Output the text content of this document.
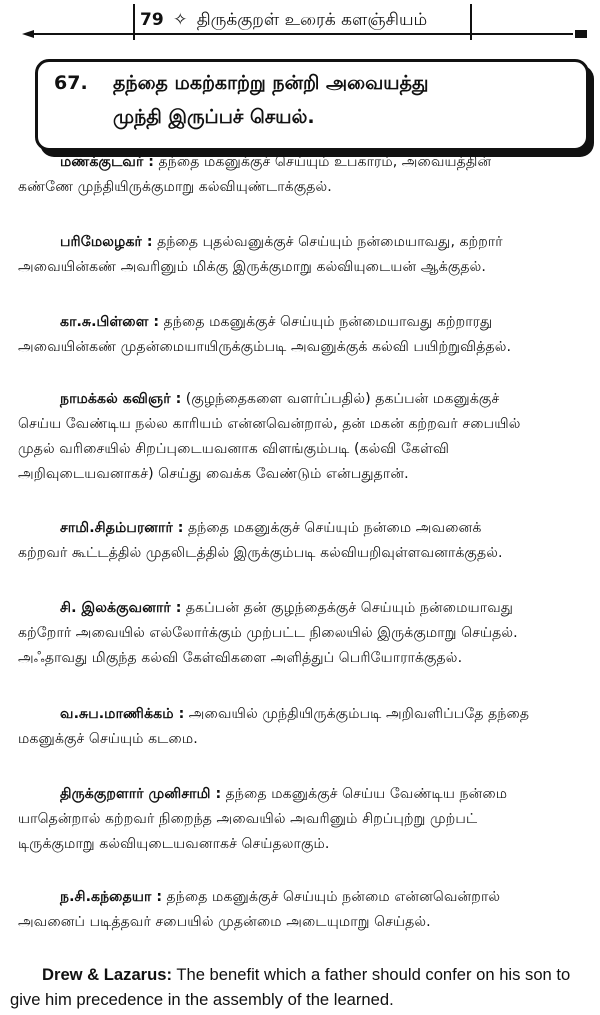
79 ✧ திருக்குறள் உரைக் களஞ்சியம்
67. தந்தை மகற்காற்று நன்றி அவையத்து
முந்தி இருப்பச் செயல்.
மணக்குடவர் : தந்தை மகனுக்குச் செய்யும் உபகாரம், அவையத்தின்
கண்ணே முந்தியிருக்குமாறு கல்வியுண்டாக்குதல்.
பரிமேலழகர் : தந்தை புதல்வனுக்குச் செய்யும் நன்மையாவது, கற்றார்
அவையின்கண் அவரினும் மிக்கு இருக்குமாறு கல்வியுடையன் ஆக்குதல்.
கா.சு.பிள்ளை : தந்தை மகனுக்குச் செய்யும் நன்மையாவது கற்றாரது
அவையின்கண் முதன்மையாயிருக்கும்படி அவனுக்குக் கல்வி பயிற்றுவித்தல்.
நாமக்கல் கவிஞர் : (குழந்தைகளை வளர்ப்பதில்) தகப்பன் மகனுக்குச்
செய்ய வேண்டிய நல்ல காரியம் என்னவென்றால், தன் மகன் கற்றவர் சபையில்
முதல் வரிசையில் சிறப்புடையவனாக விளங்கும்படி (கல்வி கேள்வி
அறிவுடையவனாகச்) செய்து வைக்க வேண்டும் என்பதுதான்.
சாமி.சிதம்பரனார் : தந்தை மகனுக்குச் செய்யும் நன்மை அவனைக்
கற்றவர் கூட்டத்தில் முதலிடத்தில் இருக்கும்படி கல்வியறிவுள்ளவனாக்குதல்.
சி. இலக்குவனார் : தகப்பன் தன் குழந்தைக்குச் செய்யும் நன்மையாவது
கற்றோர் அவையில் எல்லோர்க்கும் முற்பட்ட நிலையில் இருக்குமாறு செய்தல்.
அஃதாவது மிகுந்த கல்வி கேள்விகளை அளித்துப் பெரியோராக்குதல்.
வ.சுப.மாணிக்கம் : அவையில் முந்தியிருக்கும்படி அறிவளிப்பதே தந்தை
மகனுக்குச் செய்யும் கடமை.
திருக்குறளார் முனிசாமி : தந்தை மகனுக்குச் செய்ய வேண்டிய நன்மை
யாதென்றால் கற்றவர் நிறைந்த அவையில் அவரினும் சிறப்புற்று முற்பட்
டிருக்குமாறு கல்வியுடையவனாகச் செய்தலாகும்.
ந.சி.கந்தையா : தந்தை மகனுக்குச் செய்யும் நன்மை என்னவென்றால்
அவனைப் படித்தவர் சபையில் முதன்மை அடையுமாறு செய்தல்.
Drew & Lazarus: The benefit which a father should confer on his son to
give him precedence in the assembly of the learned.
